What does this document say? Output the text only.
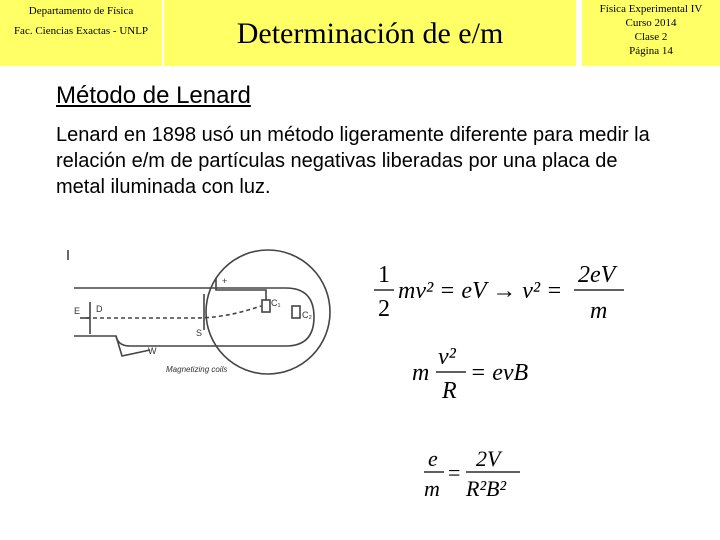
Departamento de Física
Fac. Ciencias Exactas - UNLP	Determinación de e/m
Física Experimental IV
Curso 2014
Clase 2
Página 14
Método de Lenard

Lenard en 1898 usó un método ligeramente diferente para medir la relación e/m de partículas negativas liberadas por una placa de metal iluminada con luz.

+
C₁
C₂
D
S
W
E
Magnetizing coils
1
2
mv² = eV → v² =
2eV
m
m
v²
R
= evB
e
m
=
2V
R²B²
